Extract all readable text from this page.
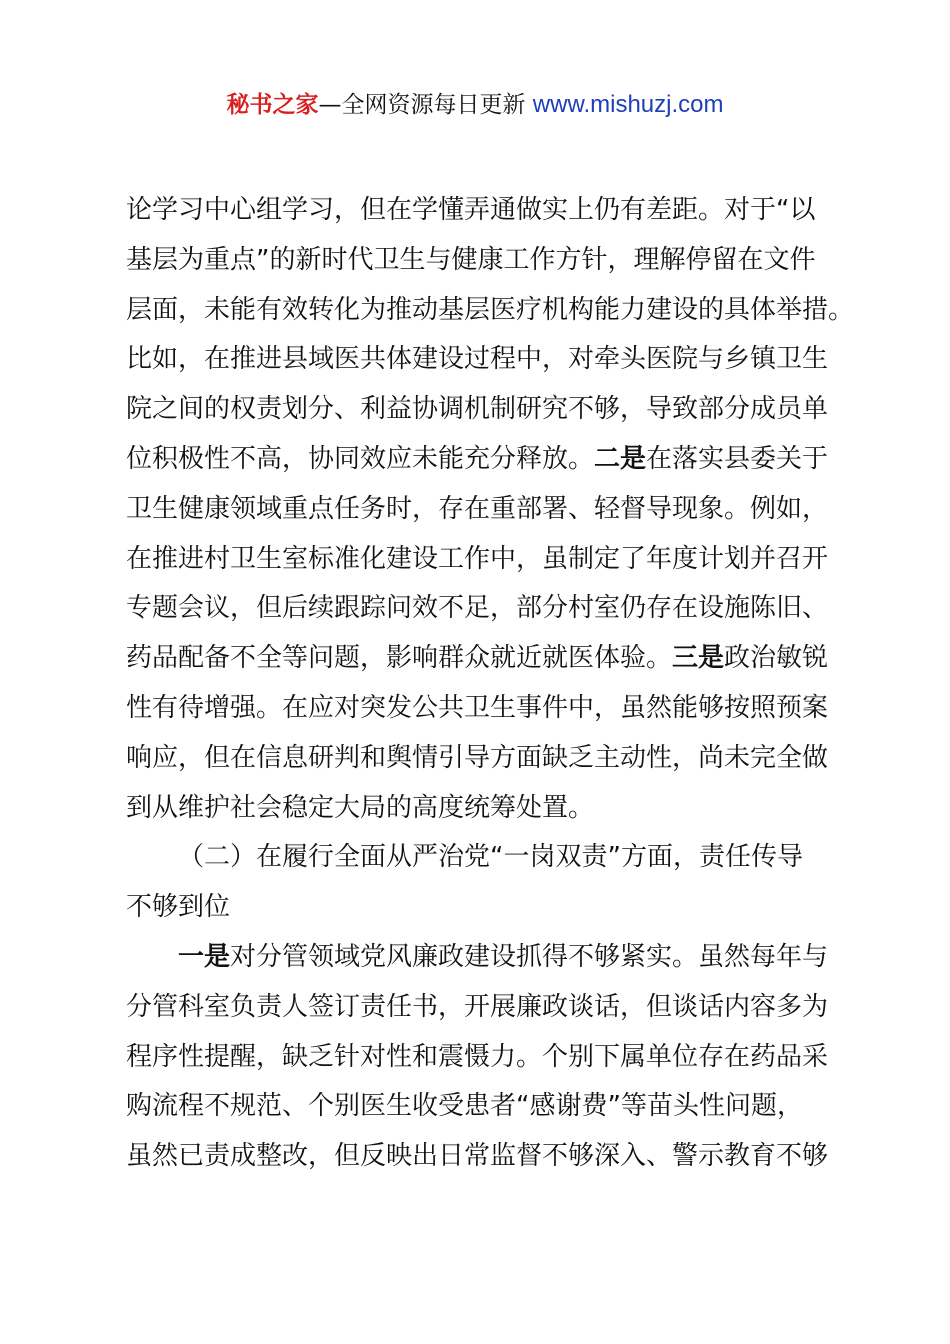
秘书之家—全网资源每日更新 www.mishuzj.com
论学习中心组学习，但在学懂弄通做实上仍有差距。对于“以
基层为重点”的新时代卫生与健康工作方针，理解停留在文件
层面，未能有效转化为推动基层医疗机构能力建设的具体举措。
比如，在推进县域医共体建设过程中，对牵头医院与乡镇卫生
院之间的权责划分、利益协调机制研究不够，导致部分成员单
位积极性不高，协同效应未能充分释放。二是在落实县委关于
卫生健康领域重点任务时，存在重部署、轻督导现象。例如，
在推进村卫生室标准化建设工作中，虽制定了年度计划并召开
专题会议，但后续跟踪问效不足，部分村室仍存在设施陈旧、
药品配备不全等问题，影响群众就近就医体验。三是政治敏锐
性有待增强。在应对突发公共卫生事件中，虽然能够按照预案
响应，但在信息研判和舆情引导方面缺乏主动性，尚未完全做
到从维护社会稳定大局的高度统筹处置。
（二）在履行全面从严治党“一岗双责”方面，责任传导
不够到位
一是对分管领域党风廉政建设抓得不够紧实。虽然每年与
分管科室负责人签订责任书，开展廉政谈话，但谈话内容多为
程序性提醒，缺乏针对性和震慑力。个别下属单位存在药品采
购流程不规范、个别医生收受患者“感谢费”等苗头性问题，
虽然已责成整改，但反映出日常监督不够深入、警示教育不够
